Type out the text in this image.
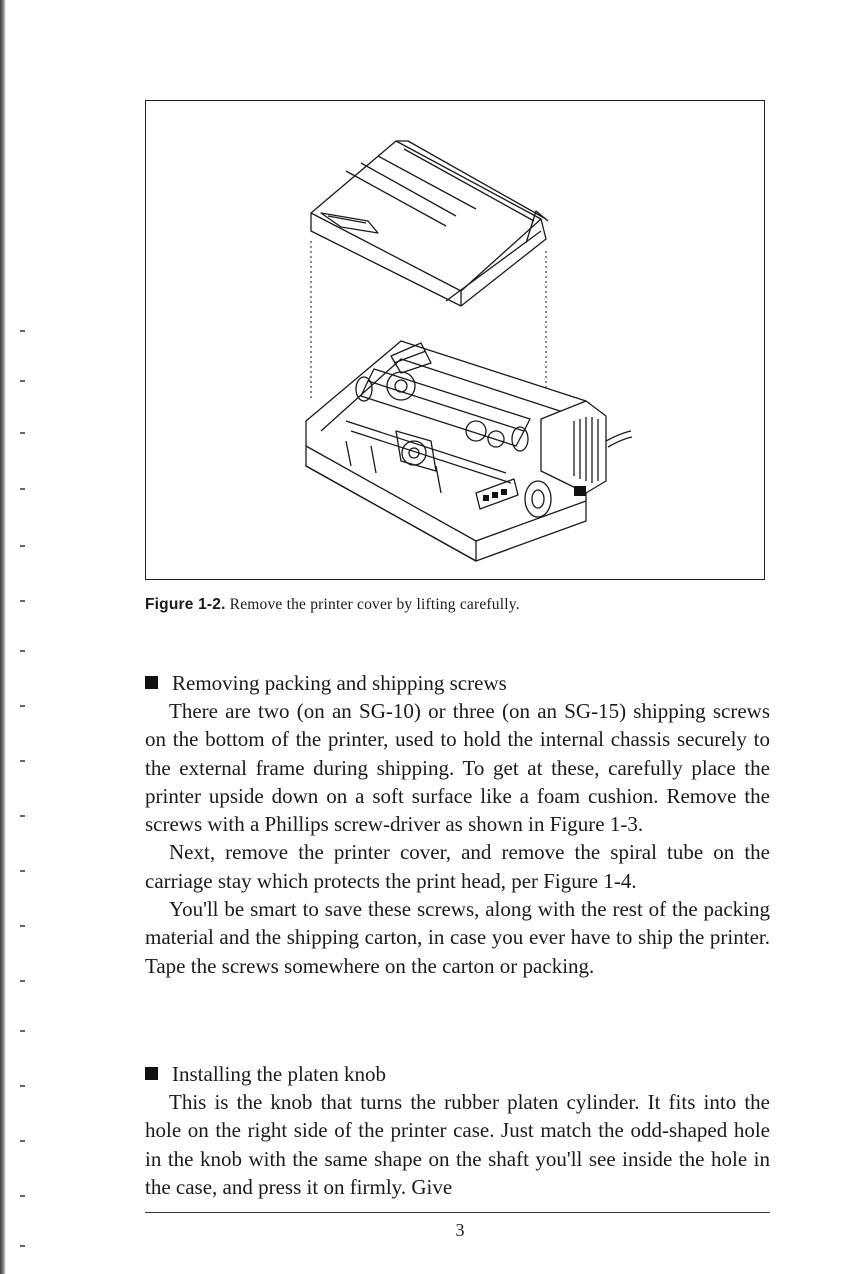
Figure 1-2. Remove the printer cover by lifting carefully.
Removing packing and shipping screws

There are two (on an SG-10) or three (on an SG-15) shipping screws on the bottom of the printer, used to hold the internal chassis securely to the external frame during shipping. To get at these, carefully place the printer upside down on a soft surface like a foam cushion. Remove the screws with a Phillips screw-driver as shown in Figure 1-3.

Next, remove the printer cover, and remove the spiral tube on the carriage stay which protects the print head, per Figure 1-4.

You'll be smart to save these screws, along with the rest of the packing material and the shipping carton, in case you ever have to ship the printer. Tape the screws somewhere on the carton or packing.

Installing the platen knob

This is the knob that turns the rubber platen cylinder. It fits into the hole on the right side of the printer case. Just match the odd-shaped hole in the knob with the same shape on the shaft you'll see inside the hole in the case, and press it on firmly. Give

3
